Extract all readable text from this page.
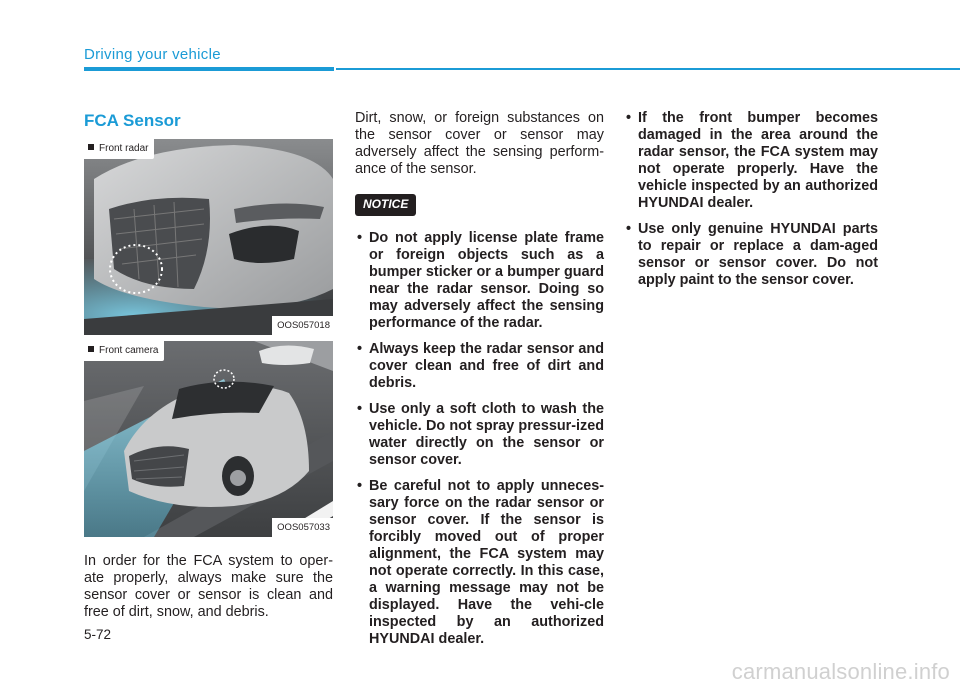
Driving your vehicle
FCA Sensor
Front radar
OOS057018
Front camera
OOS057033

In order for the FCA system to oper-ate properly, always make sure the sensor cover or sensor is clean and free of dirt, snow, and debris.

Dirt, snow, or foreign substances on the sensor cover or sensor may adversely affect the sensing perform-ance of the sensor.

NOTICE
• Do not apply license plate frame or foreign objects such as a bumper sticker or a bumper guard near the radar sensor. Doing so may adversely affect the sensing performance of the radar.
• Always keep the radar sensor and cover clean and free of dirt and debris.
• Use only a soft cloth to wash the vehicle. Do not spray pressur-ized water directly on the sensor or sensor cover.
• Be careful not to apply unneces-sary force on the radar sensor or sensor cover. If the sensor is forcibly moved out of proper alignment, the FCA system may not operate correctly. In this case, a warning message may not be displayed. Have the vehi-cle inspected by an authorized HYUNDAI dealer.
• If the front bumper becomes damaged in the area around the radar sensor, the FCA system may not operate properly. Have the vehicle inspected by an authorized HYUNDAI dealer.
• Use only genuine HYUNDAI parts to repair or replace a dam-aged sensor or sensor cover. Do not apply paint to the sensor cover.
5-72
carmanualsonline.info
